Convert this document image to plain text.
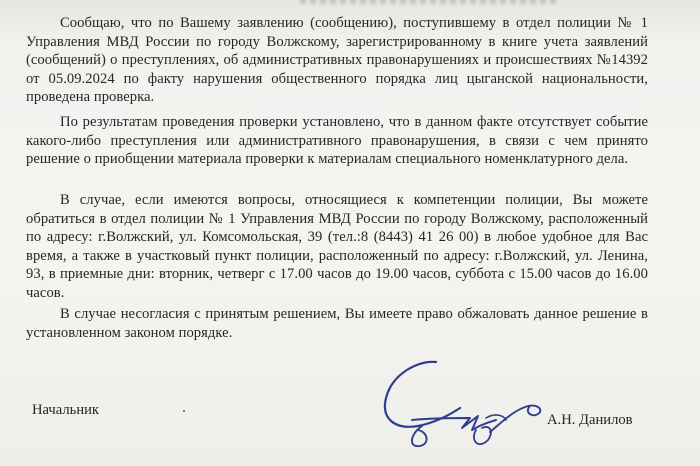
Сообщаю, что по Вашему заявлению (сообщению), поступившему в отдел полиции № 1 Управления МВД России по городу Волжскому, зарегистрированному в книге учета заявлений (сообщений) о преступлениях, об административных правонарушениях и происшествиях №14392 от 05.09.2024 по факту нарушения общественного порядка лиц цыганской национальности, проведена проверка.

По результатам проведения проверки установлено, что в данном факте отсутствует событие какого-либо преступления или административного правонарушения, в связи с чем принято решение о приобщении материала проверки к материалам специального номенклатурного дела.

В случае, если имеются вопросы, относящиеся к компетенции полиции, Вы можете обратиться в отдел полиции № 1 Управления МВД России по городу Волжскому, расположенный по адресу: г.Волжский, ул. Комсомольская, 39 (тел.:8 (8443) 41 26 00) в любое удобное для Вас время, а также в участковый пункт полиции, расположенный по адресу: г.Волжский, ул. Ленина, 93, в приемные дни: вторник, четверг с 17.00 часов до 19.00 часов, суббота с 15.00 часов до 16.00 часов.

В случае несогласия с принятым решением, Вы имеете право обжаловать данное решение в установленном законом порядке.

Начальник
А.Н. Данилов
